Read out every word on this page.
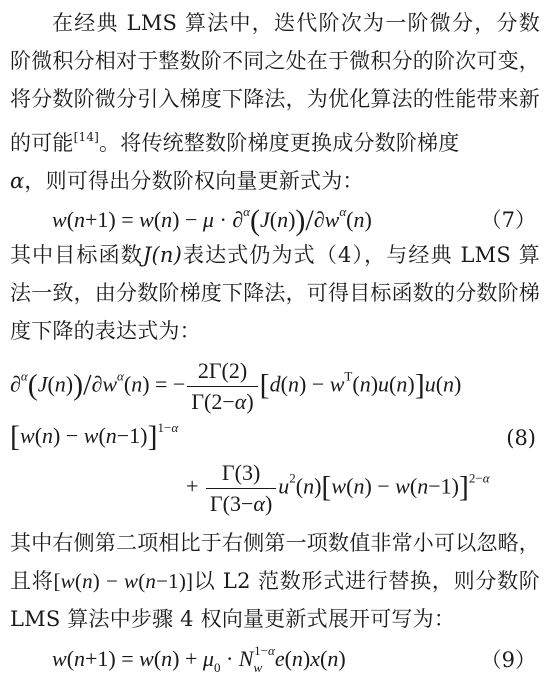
在经典 LMS 算法中，迭代阶次为一阶微分，分数阶微积分相对于整数阶不同之处在于微积分的阶次可变，将分数阶微分引入梯度下降法，为优化算法的性能带来新的可能[14]。将传统整数阶梯度更换成分数阶梯度
α，则可得出分数阶权向量更新式为：
$w(n+1) = w(n) - \mu \cdot \partial^\alpha(J(n))/\partial w^\alpha(n)$	（7）
其中目标函数J(n)表达式仍为式（4），与经典 LMS 算法一致，由分数阶梯度下降法，可得目标函数的分数阶梯度下降的表达式为：
$\partial^\alpha(J(n))/\partial w^\alpha(n)$ = − $\frac{2\Gamma(2)}{\Gamma(2-\alpha)} [d(n) - w^T(n)u(n)]u(n)$
$[w(n) - w(n-1)]^{1-\alpha}$	(8)
+ $\frac{\Gamma(3)}{\Gamma(3-\alpha)} u^2(n)[w(n) - w(n-1)]^{2-\alpha}$
其中右侧第二项相比于右侧第一项数值非常小可以忽略，且将[w(n) − w(n−1)]以 L2 范数形式进行替换，则分数阶 LMS 算法中步骤 4 权向量更新式展开可写为：
$w(n+1) = w(n) + \mu_0 \cdot N_w^{1-\alpha}e(n)x(n)$	（9）
